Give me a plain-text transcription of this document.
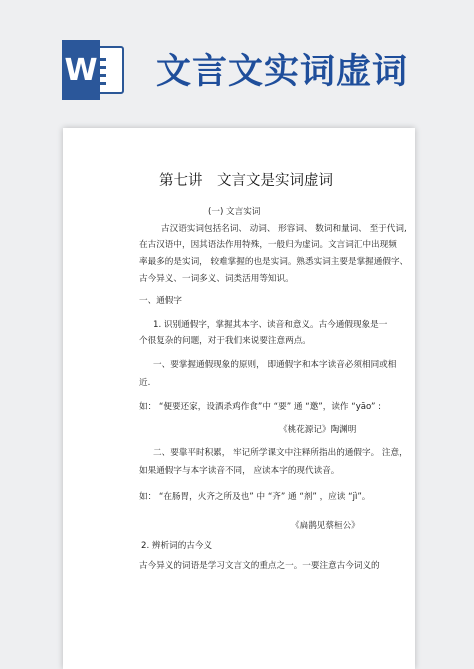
W 文言文实词虚词
第七讲　文言文是实词虚词
(一) 文言实词
古汉语实词包括名词、 动词、 形容词、 数词和量词、 至于代词,
在古汉语中，因其语法作用特殊，一般归为虚词。文言词汇中出现频
率最多的是实词， 较难掌握的也是实词。熟悉实词主要是掌握通假字、
古今异义、一词多义、词类活用等知识。
一、通假字
1. 识别通假字，掌握其本字、读音和意义。古今通假现象是一
个很复杂的问题，对于我们来说要注意两点。
一、要掌握通假现象的原则， 即通假字和本字读音必须相同或相
近.
如： “便要还家，设酒杀鸡作食”中 “要” 通 “邀”，读作 “yāo” :
《桃花源记》陶渊明
二、要靠平时积累， 牢记所学课文中注释所指出的通假字。 注意，
如果通假字与本字读音不同， 应读本字的现代读音。
如： “在肠胃，火齐之所及也” 中 “齐” 通 “剂” ，应读 “jì”。
《扁鹊见蔡桓公》
2. 辨析词的古今义
古今异义的词语是学习文言文的重点之一。一要注意古今词义的
